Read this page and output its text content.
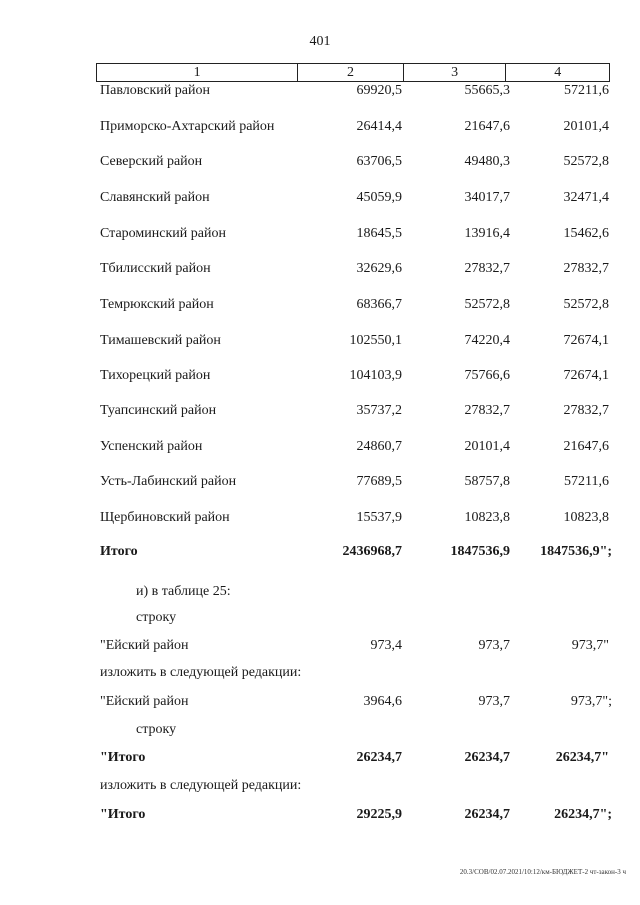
401
1	2	3	4
Павловский район	69920,5	55665,3	57211,6
Приморско-Ахтарский район	26414,4	21647,6	20101,4
Северский район	63706,5	49480,3	52572,8
Славянский район	45059,9	34017,7	32471,4
Староминский район	18645,5	13916,4	15462,6
Тбилисский район	32629,6	27832,7	27832,7
Темрюкский район	68366,7	52572,8	52572,8
Тимашевский район	102550,1	74220,4	72674,1
Тихорецкий район	104103,9	75766,6	72674,1
Туапсинский район	35737,2	27832,7	27832,7
Успенский район	24860,7	20101,4	21647,6
Усть-Лабинский район	77689,5	58757,8	57211,6
Щербиновский район	15537,9	10823,8	10823,8
Итого	2436968,7	1847536,9 1847536,9";
и) в таблице 25:
строку
"Ейский район	973,4	973,7	973,7"
изложить в следующей редакции:
"Ейский район	3964,6	973,7	973,7";
строку
"Итого	26234,7	26234,7	26234,7"
изложить в следующей редакции:
"Итого	29225,9	26234,7	26234,7";
20.3/СОВ/02.07.2021/10:12/км-БЮДЖЕТ-2 чт-закон-3 ч
